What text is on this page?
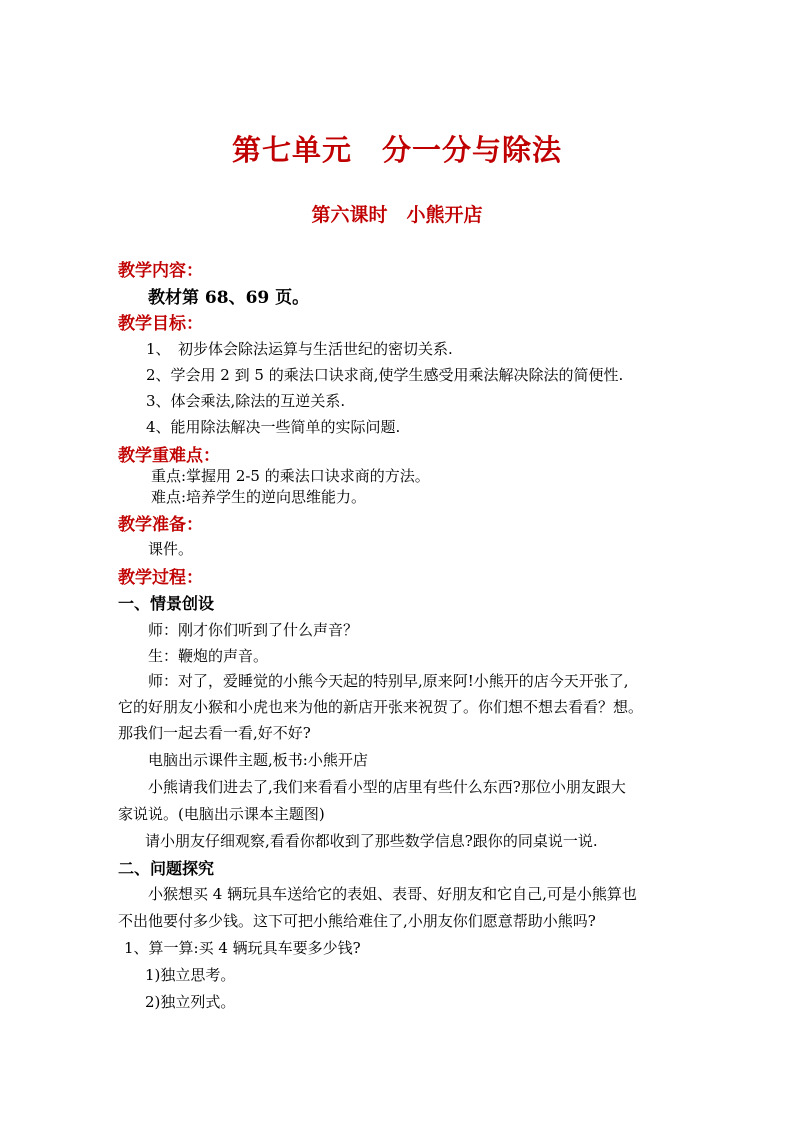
第七单元　分一分与除法
第六课时　小熊开店
教学内容：
教材第 68、69 页。
教学目标：
1、　初步体会除法运算与生活世纪的密切关系.
2、学会用 2 到 5 的乘法口诀求商,使学生感受用乘法解决除法的简便性.
3、体会乘法,除法的互逆关系.
4、能用除法解决一些简单的实际问题.
教学重难点：
重点:掌握用 2-5 的乘法口诀求商的方法。
难点:培养学生的逆向思维能力。
教学准备：
课件。
教学过程：
一、情景创设
师：刚才你们听到了什么声音？
生：鞭炮的声音。
师：对了，爱睡觉的小熊今天起的特别早,原来阿!小熊开的店今天开张了,
它的好朋友小猴和小虎也来为他的新店开张来祝贺了。你们想不想去看看？想。
那我们一起去看一看,好不好?
电脑出示课件主题,板书:小熊开店
小熊请我们进去了,我们来看看小型的店里有些什么东西?那位小朋友跟大
家说说。(电脑出示课本主题图)
请小朋友仔细观察,看看你都收到了那些数学信息?跟你的同桌说一说.
二、问题探究
小猴想买 4 辆玩具车送给它的表姐、表哥、好朋友和它自己,可是小熊算也
不出他要付多少钱。这下可把小熊给难住了,小朋友你们愿意帮助小熊吗?
1、算一算:买 4 辆玩具车要多少钱?
1)独立思考。
2)独立列式。
